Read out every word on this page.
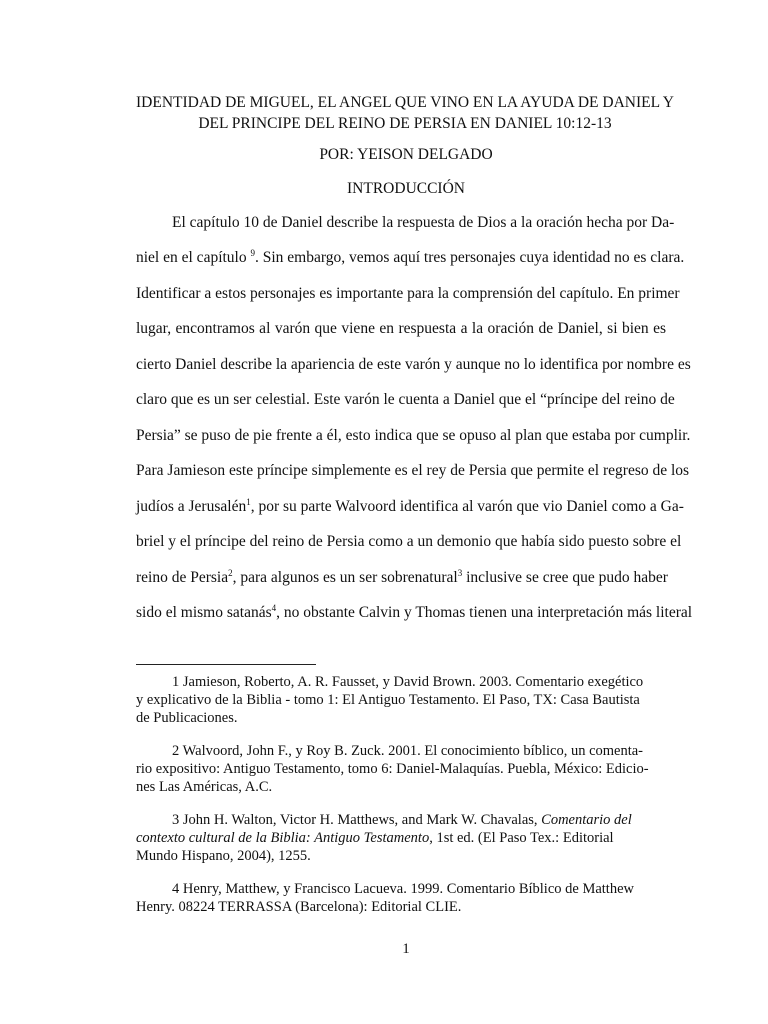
IDENTIDAD DE MIGUEL, EL ANGEL QUE VINO EN LA AYUDA DE DANIEL Y
DEL PRINCIPE DEL REINO DE PERSIA EN DANIEL 10:12-13
POR: YEISON DELGADO
INTRODUCCIÓN
El capítulo 10 de Daniel describe la respuesta de Dios a la oración hecha por Da-
niel en el capítulo $^9$. Sin embargo, vemos aquí tres personajes cuya identidad no es clara.
Identificar a estos personajes es importante para la comprensión del capítulo. En primer
lugar, encontramos al varón que viene en respuesta a la oración de Daniel, si bien es
cierto Daniel describe la apariencia de este varón y aunque no lo identifica por nombre es
claro que es un ser celestial. Este varón le cuenta a Daniel que el “príncipe del reino de
Persia” se puso de pie frente a él, esto indica que se opuso al plan que estaba por cumplir.
Para Jamieson este príncipe simplemente es el rey de Persia que permite el regreso de los
judíos a Jerusalén$^1$, por su parte Walvoord identifica al varón que vio Daniel como a Ga-
briel y el príncipe del reino de Persia como a un demonio que había sido puesto sobre el
reino de Persia$^2$, para algunos es un ser sobrenatural$^3$ inclusive se cree que pudo haber
sido el mismo satanás$^4$, no obstante Calvin y Thomas tienen una interpretación más literal
1 Jamieson, Roberto, A. R. Fausset, y David Brown. 2003. Comentario exegético
y explicativo de la Biblia - tomo 1: El Antiguo Testamento. El Paso, TX: Casa Bautista
de Publicaciones.
2 Walvoord, John F., y Roy B. Zuck. 2001. El conocimiento bíblico, un comenta-
rio expositivo: Antiguo Testamento, tomo 6: Daniel-Malaquías. Puebla, México: Edicio-
nes Las Américas, A.C.
3 John H. Walton, Victor H. Matthews, and Mark W. Chavalas, Comentario del
contexto cultural de la Biblia: Antiguo Testamento, 1st ed. (El Paso Tex.: Editorial
Mundo Hispano, 2004), 1255.
4 Henry, Matthew, y Francisco Lacueva. 1999. Comentario Bíblico de Matthew
Henry. 08224 TERRASSA (Barcelona): Editorial CLIE.
1
